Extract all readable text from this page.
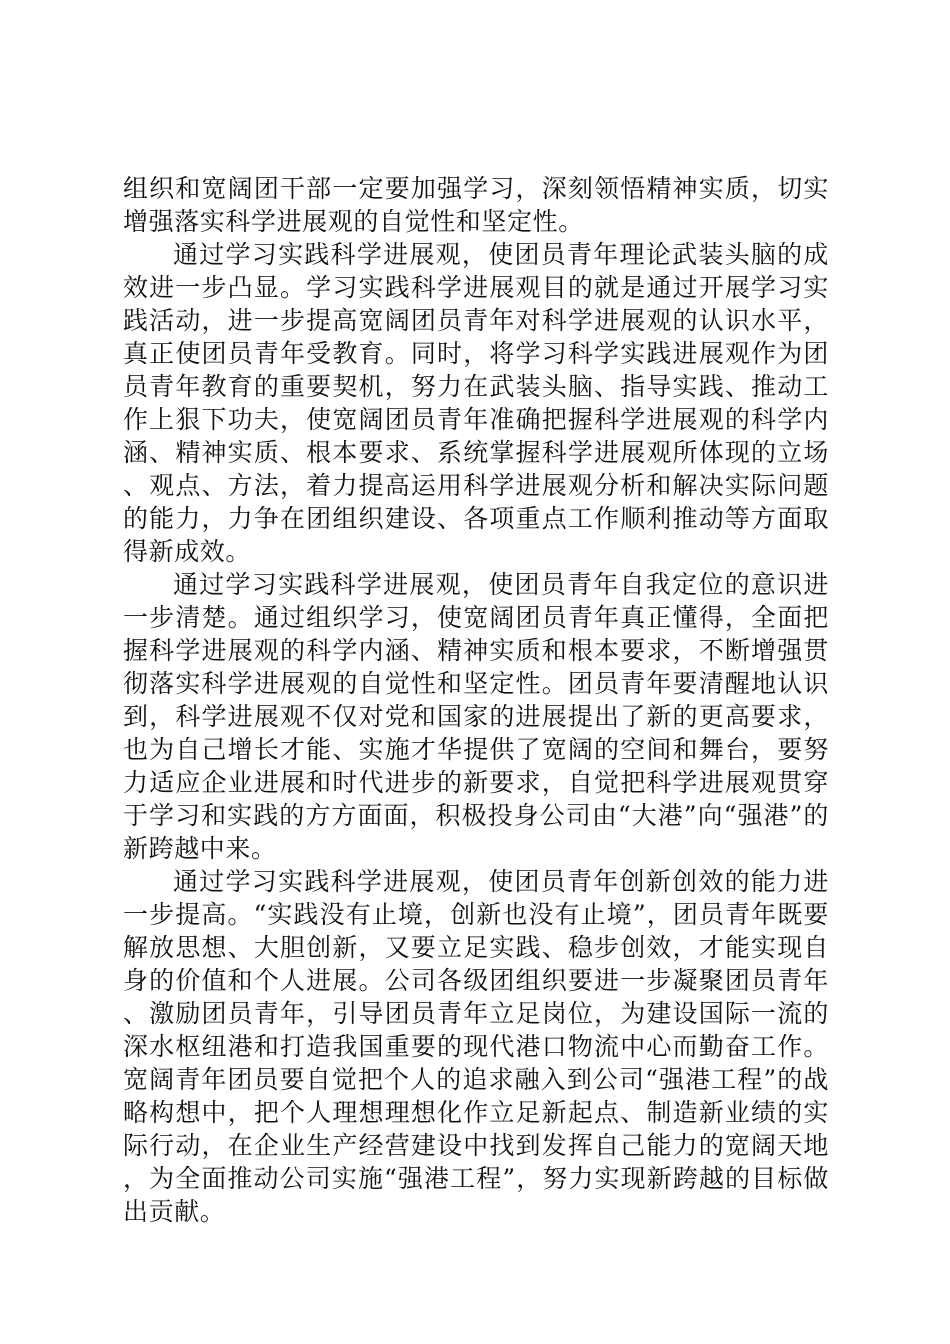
组织和宽阔团干部一定要加强学习，深刻领悟精神实质，切实增强落实科学进展观的自觉性和坚定性。

通过学习实践科学进展观，使团员青年理论武装头脑的成效进一步凸显。学习实践科学进展观目的就是通过开展学习实践活动，进一步提高宽阔团员青年对科学进展观的认识水平，真正使团员青年受教育。同时，将学习科学实践进展观作为团员青年教育的重要契机，努力在武装头脑、指导实践、推动工作上狠下功夫，使宽阔团员青年准确把握科学进展观的科学内涵、精神实质、根本要求、系统掌握科学进展观所体现的立场、观点、方法，着力提高运用科学进展观分析和解决实际问题的能力，力争在团组织建设、各项重点工作顺利推动等方面取得新成效。

通过学习实践科学进展观，使团员青年自我定位的意识进一步清楚。通过组织学习，使宽阔团员青年真正懂得，全面把握科学进展观的科学内涵、精神实质和根本要求，不断增强贯彻落实科学进展观的自觉性和坚定性。团员青年要清醒地认识到，科学进展观不仅对党和国家的进展提出了新的更高要求，也为自己增长才能、实施才华提供了宽阔的空间和舞台，要努力适应企业进展和时代进步的新要求，自觉把科学进展观贯穿于学习和实践的方方面面，积极投身公司由“大港”向“强港”的新跨越中来。

通过学习实践科学进展观，使团员青年创新创效的能力进一步提高。“实践没有止境，创新也没有止境”，团员青年既要解放思想、大胆创新，又要立足实践、稳步创效，才能实现自身的价值和个人进展。公司各级团组织要进一步凝聚团员青年、激励团员青年，引导团员青年立足岗位，为建设国际一流的深水枢纽港和打造我国重要的现代港口物流中心而勤奋工作。宽阔青年团员要自觉把个人的追求融入到公司“强港工程”的战略构想中，把个人理想理想化作立足新起点、制造新业绩的实际行动，在企业生产经营建设中找到发挥自己能力的宽阔天地，为全面推动公司实施“强港工程”，努力实现新跨越的目标做出贡献。
